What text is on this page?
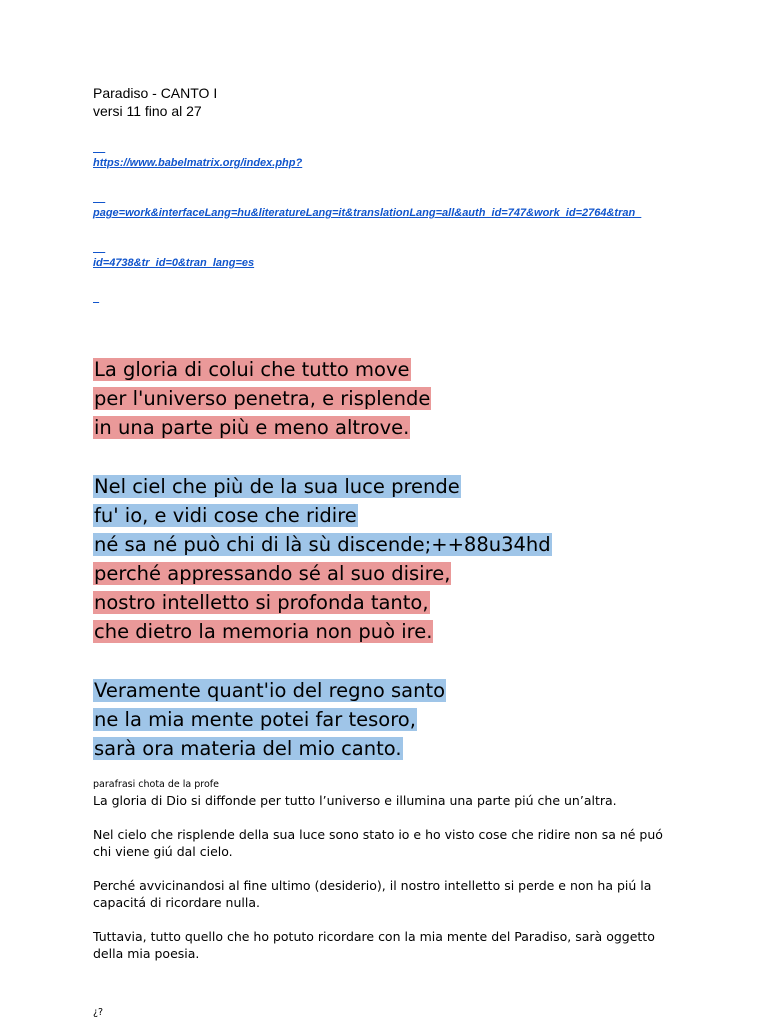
Paradiso - CANTO I

versi 11 fino al 27

https://www.babelmatrix.org/index.php?

page=work&interfaceLang=hu&literatureLang=it&translationLang=all&auth_id=747&work_id=2764&tran_

id=4738&tr_id=0&tran_lang=es

La gloria di colui che tutto move
per l'universo penetra, e risplende
in una parte più e meno altrove.
Nel ciel che più de la sua luce prende
fu' io, e vidi cose che ridire
né sa né può chi di là sù discende;++88u34hd
perché appressando sé al suo disire,
nostro intelletto si profonda tanto,
che dietro la memoria non può ire.
Veramente quant'io del regno santo
ne la mia mente potei far tesoro,
sarà ora materia del mio canto.
parafrasi chota de la profe

La gloria di Dio si diffonde per tutto l’universo e illumina una parte piú che un’altra.

Nel cielo che risplende della sua luce sono stato io e ho visto cose che ridire non sa né puó chi viene giú dal cielo.

Perché avvicinandosi al fine ultimo (desiderio), il nostro intelletto si perde e non ha piú la capacitá di ricordare nulla.

Tuttavia, tutto quello che ho potuto ricordare con la mia mente del Paradiso, sarà oggetto della mia poesia.

¿?
